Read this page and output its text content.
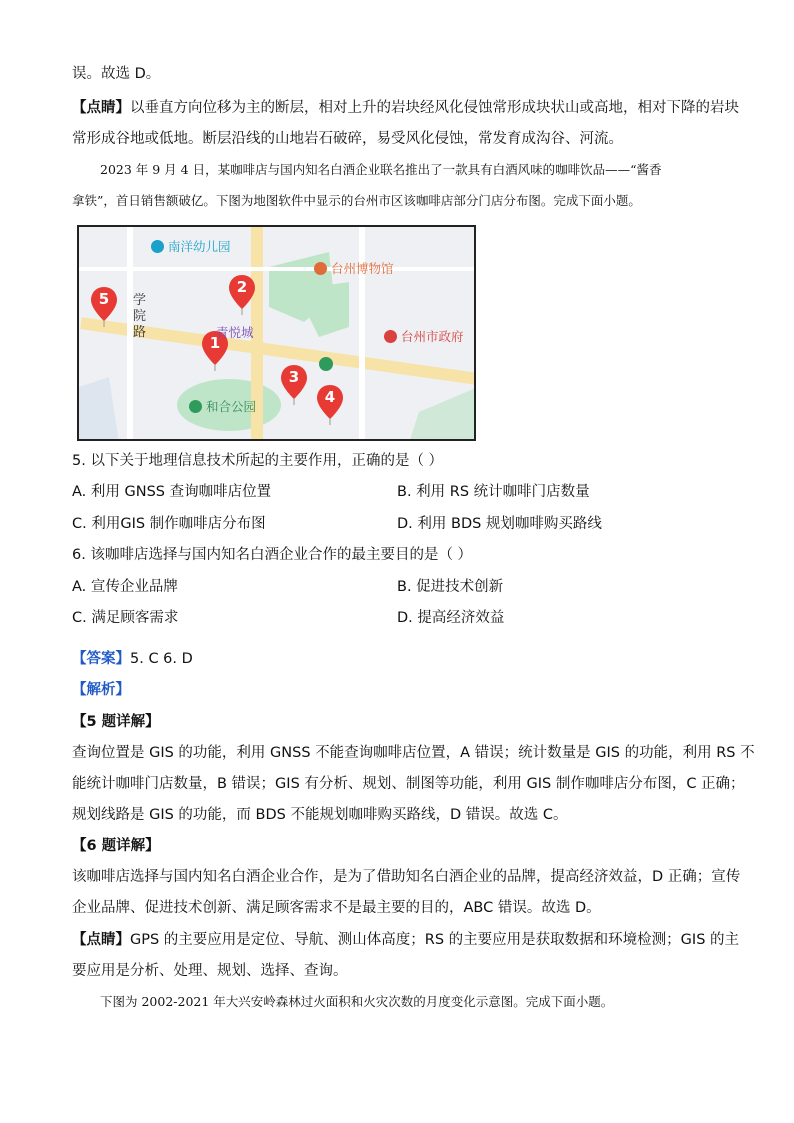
误。故选 D。
【点睛】以垂直方向位移为主的断层，相对上升的岩块经风化侵蚀常形成块状山或高地，相对下降的岩块
常形成谷地或低地。断层沿线的山地岩石破碎，易受风化侵蚀，常发育成沟谷、河流。
2023 年 9 月 4 日，某咖啡店与国内知名白酒企业联名推出了一款具有白酒风味的咖啡饮品——“酱香
拿铁”，首日销售额破亿。下图为地图软件中显示的台州市区该咖啡店部分门店分布图。完成下面小题。
5
2
1
3
4
南洋幼儿园
台州博物馆
台州市政府
青悦城
和合公园
学
院
路
5. 以下关于地理信息技术所起的主要作用，正确的是（ ）
A. 利用 GNSS 查询咖啡店位置	B. 利用 RS 统计咖啡门店数量
C. 利用GIS 制作咖啡店分布图	D. 利用 BDS 规划咖啡购买路线
6. 该咖啡店选择与国内知名白酒企业合作的最主要目的是（ ）
A. 宣传企业品牌	B. 促进技术创新
C. 满足顾客需求	D. 提高经济效益
【答案】5. C 6. D
【解析】
【5 题详解】
查询位置是 GIS 的功能，利用 GNSS 不能查询咖啡店位置，A 错误；统计数量是 GIS 的功能，利用 RS 不
能统计咖啡门店数量，B 错误；GIS 有分析、规划、制图等功能，利用 GIS 制作咖啡店分布图，C 正确；
规划线路是 GIS 的功能，而 BDS 不能规划咖啡购买路线，D 错误。故选 C。
【6 题详解】
该咖啡店选择与国内知名白酒企业合作，是为了借助知名白酒企业的品牌，提高经济效益，D 正确；宣传
企业品牌、促进技术创新、满足顾客需求不是最主要的目的，ABC 错误。故选 D。
【点睛】GPS 的主要应用是定位、导航、测山体高度；RS 的主要应用是获取数据和环境检测；GIS 的主
要应用是分析、处理、规划、选择、查询。
下图为 2002-2021 年大兴安岭森林过火面积和火灾次数的月度变化示意图。完成下面小题。
